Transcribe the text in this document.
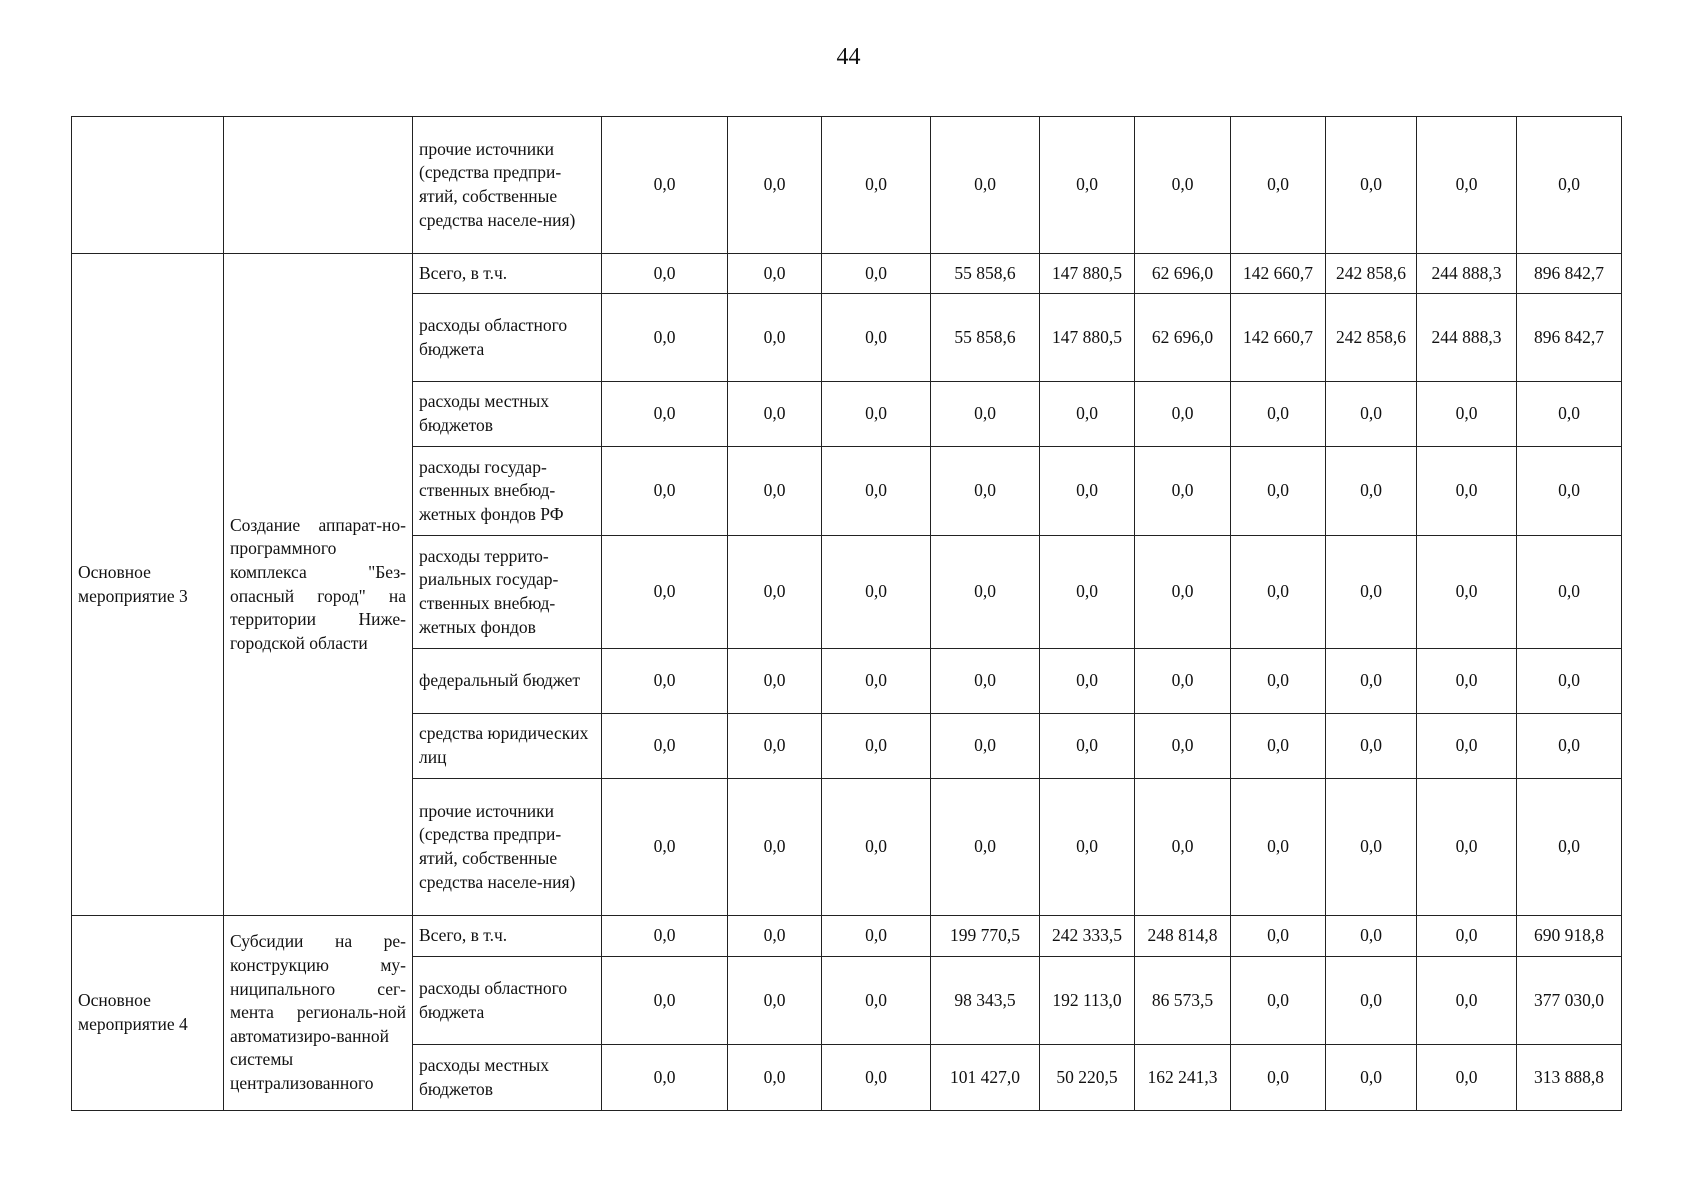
44
		прочие источники (средства предпри-ятий, собственные средства населе-ния)	0,0	0,0	0,0	0,0	0,0	0,0	0,0	0,0	0,0	0,0
Основное мероприятие 3	Создание аппарат-но-программного комплекса "Без-опасный город" на территории Ниже-городской области	Всего, в т.ч.	0,0	0,0	0,0	55 858,6	147 880,5	62 696,0	142 660,7	242 858,6	244 888,3	896 842,7
		расходы областного бюджета	0,0	0,0	0,0	55 858,6	147 880,5	62 696,0	142 660,7	242 858,6	244 888,3	896 842,7
		расходы местных бюджетов	0,0	0,0	0,0	0,0	0,0	0,0	0,0	0,0	0,0	0,0
		расходы государ-ственных внебюд-жетных фондов РФ	0,0	0,0	0,0	0,0	0,0	0,0	0,0	0,0	0,0	0,0
		расходы террито-риальных государ-ственных внебюд-жетных фондов	0,0	0,0	0,0	0,0	0,0	0,0	0,0	0,0	0,0	0,0
		федеральный бюджет	0,0	0,0	0,0	0,0	0,0	0,0	0,0	0,0	0,0	0,0
		средства юридических лиц	0,0	0,0	0,0	0,0	0,0	0,0	0,0	0,0	0,0	0,0
		прочие источники (средства предпри-ятий, собственные средства населе-ния)	0,0	0,0	0,0	0,0	0,0	0,0	0,0	0,0	0,0	0,0
Основное мероприятие 4	Субсидии на ре-конструкцию му-ниципального сег-мента региональ-ной автоматизиро-ванной системы централизованного	Всего, в т.ч.	0,0	0,0	0,0	199 770,5	242 333,5	248 814,8	0,0	0,0	0,0	690 918,8
		расходы областного бюджета	0,0	0,0	0,0	98 343,5	192 113,0	86 573,5	0,0	0,0	0,0	377 030,0
		расходы местных бюджетов	0,0	0,0	0,0	101 427,0	50 220,5	162 241,3	0,0	0,0	0,0	313 888,8
